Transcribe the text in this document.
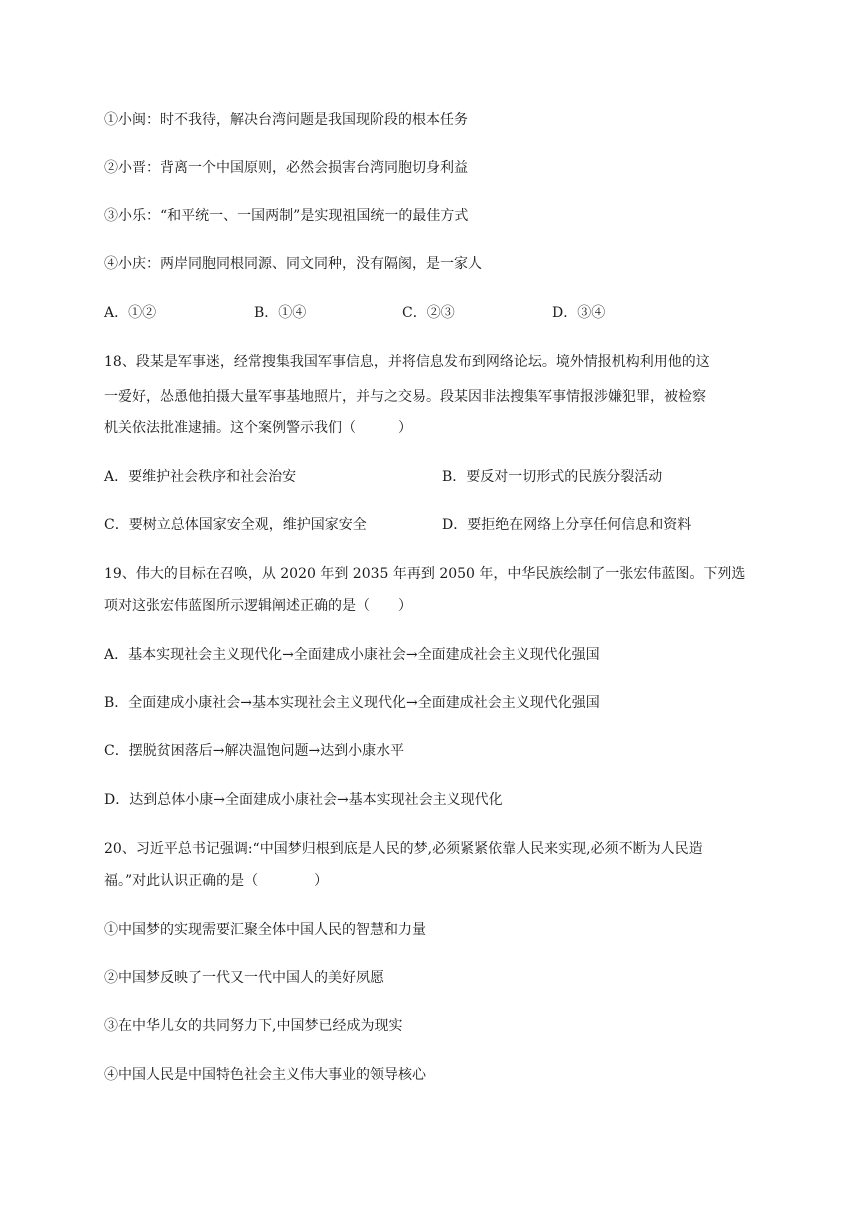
①小闽：时不我待，解决台湾问题是我国现阶段的根本任务
②小晋：背离一个中国原则，必然会损害台湾同胞切身利益
③小乐：“和平统一、一国两制”是实现祖国统一的最佳方式
④小庆：两岸同胞同根同源、同文同种，没有隔阂，是一家人
A．①②	B．①④	C．②③	D．③④
18、段某是军事迷，经常搜集我国军事信息，并将信息发布到网络论坛。境外情报机构利用他的这
一爱好，怂恿他拍摄大量军事基地照片，并与之交易。段某因非法搜集军事情报涉嫌犯罪，被检察
机关依法批准逮捕。这个案例警示我们（　　　）
A．要维护社会秩序和社会治安	B．要反对一切形式的民族分裂活动
C．要树立总体国家安全观，维护国家安全	D．要拒绝在网络上分享任何信息和资料
19、伟大的目标在召唤，从 2020 年到 2035 年再到 2050 年，中华民族绘制了一张宏伟蓝图。下列选
项对这张宏伟蓝图所示逻辑阐述正确的是（　　）
A．基本实现社会主义现代化→全面建成小康社会→全面建成社会主义现代化强国
B．全面建成小康社会→基本实现社会主义现代化→全面建成社会主义现代化强国
C．摆脱贫困落后→解决温饱问题→达到小康水平
D．达到总体小康→全面建成小康社会→基本实现社会主义现代化
20、习近平总书记强调:“中国梦归根到底是人民的梦,必须紧紧依靠人民来实现,必须不断为人民造
福。”对此认识正确的是（　　　　）
①中国梦的实现需要汇聚全体中国人民的智慧和力量
②中国梦反映了一代又一代中国人的美好夙愿
③在中华儿女的共同努力下,中国梦已经成为现实
④中国人民是中国特色社会主义伟大事业的领导核心
